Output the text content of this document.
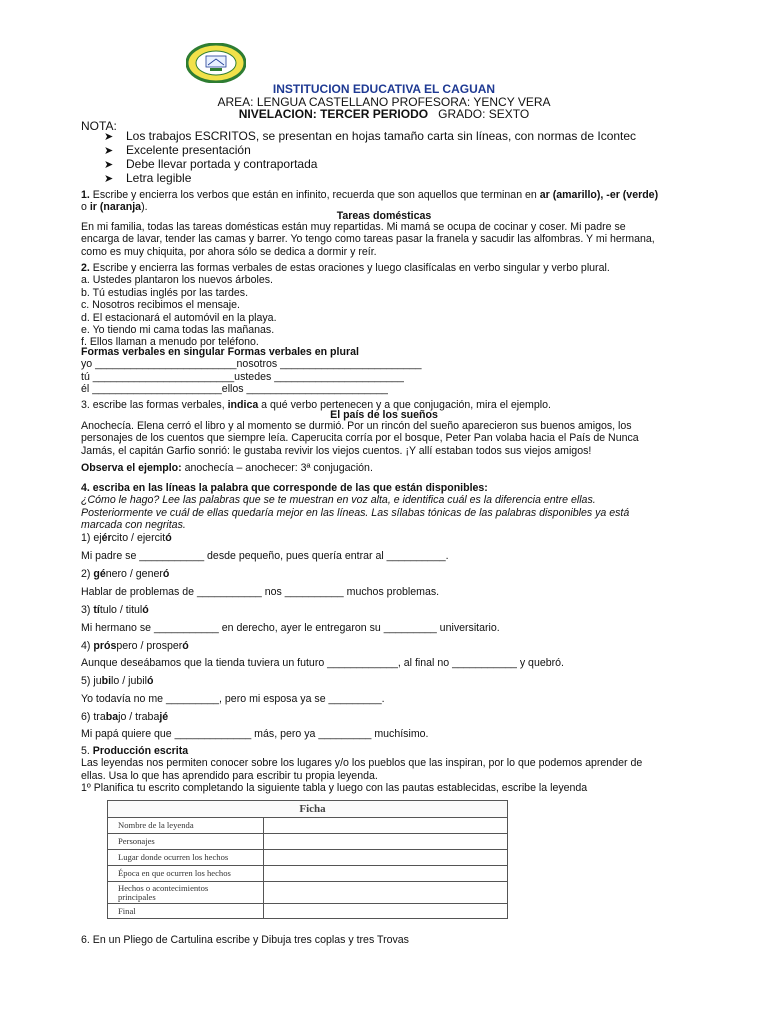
INSTITUCION EDUCATIVA EL CAGUAN
AREA: LENGUA CASTELLANO PROFESORA: YENCY VERA
NIVELACION: TERCER PERIODO GRADO: SEXTO
NOTA:
➤ Los trabajos ESCRITOS, se presentan en hojas tamaño carta sin líneas, con normas de Icontec
➤ Excelente presentación
➤ Debe llevar portada y contraportada
➤ Letra legible
1. Escribe y encierra los verbos que están en infinito, recuerda que son aquellos que terminan en ar (amarillo), -er (verde)
o ir (naranja).
Tareas domésticas
En mi familia, todas las tareas domésticas están muy repartidas. Mi mamá se ocupa de cocinar y coser. Mi padre se
encarga de lavar, tender las camas y barrer. Yo tengo como tareas pasar la franela y sacudir las alfombras. Y mi hermana,
como es muy chiquita, por ahora sólo se dedica a dormir y reír.
2. Escribe y encierra las formas verbales de estas oraciones y luego clasifícalas en verbo singular y verbo plural.
a. Ustedes plantaron los nuevos árboles.
b. Tú estudias inglés por las tardes.
c. Nosotros recibimos el mensaje.
d. El estacionará el automóvil en la playa.
e. Yo tiendo mi cama todas las mañanas.
f. Ellos llaman a menudo por teléfono.
Formas verbales en singular Formas verbales en plural
yo ________________________nosotros ________________________
tú ________________________ustedes ______________________
él ______________________ellos ________________________
3. escribe las formas verbales, indica a qué verbo pertenecen y a que conjugación, mira el ejemplo.
El país de los sueños
Anochecía. Elena cerró el libro y al momento se durmió. Por un rincón del sueño aparecieron sus buenos amigos, los
personajes de los cuentos que siempre leía. Caperucita corría por el bosque, Peter Pan volaba hacia el País de Nunca
Jamás, el capitán Garfio sonrió: le gustaba revivir los viejos cuentos. ¡Y allí estaban todos sus viejos amigos!
Observa el ejemplo: anochecía – anochecer: 3ª conjugación.
4. escriba en las líneas la palabra que corresponde de las que están disponibles:
¿Cómo le hago? Lee las palabras que se te muestran en voz alta, e identifica cuál es la diferencia entre ellas.
Posteriormente ve cuál de ellas quedaría mejor en las líneas. Las sílabas tónicas de las palabras disponibles ya está
marcada con negritas.
1) ejército / ejercitó
Mi padre se ___________ desde pequeño, pues quería entrar al __________.
2) género / generó
Hablar de problemas de ___________ nos __________ muchos problemas.
3) título / tituló
Mi hermano se ___________ en derecho, ayer le entregaron su _________ universitario.
4) próspero / prosperó
Aunque deseábamos que la tienda tuviera un futuro ____________, al final no ___________ y quebró.
5) jubilo / jubiló
Yo todavía no me _________, pero mi esposa ya se _________.
6) trabajo / trabajé
Mi papá quiere que _____________ más, pero ya _________ muchísimo.
5. Producción escrita
Las leyendas nos permiten conocer sobre los lugares y/o los pueblos que las inspiran, por lo que podemos aprender de
ellas. Usa lo que has aprendido para escribir tu propia leyenda.
1º Planifica tu escrito completando la siguiente tabla y luego con las pautas establecidas, escribe la leyenda
Ficha	
Nombre de la leyenda	
Personajes	
Lugar donde ocurren los hechos	
Época en que ocurren los hechos	
Hechos o acontecimientos
principales	
Final	
6. En un Pliego de Cartulina escribe y Dibuja tres coplas y tres Trovas
